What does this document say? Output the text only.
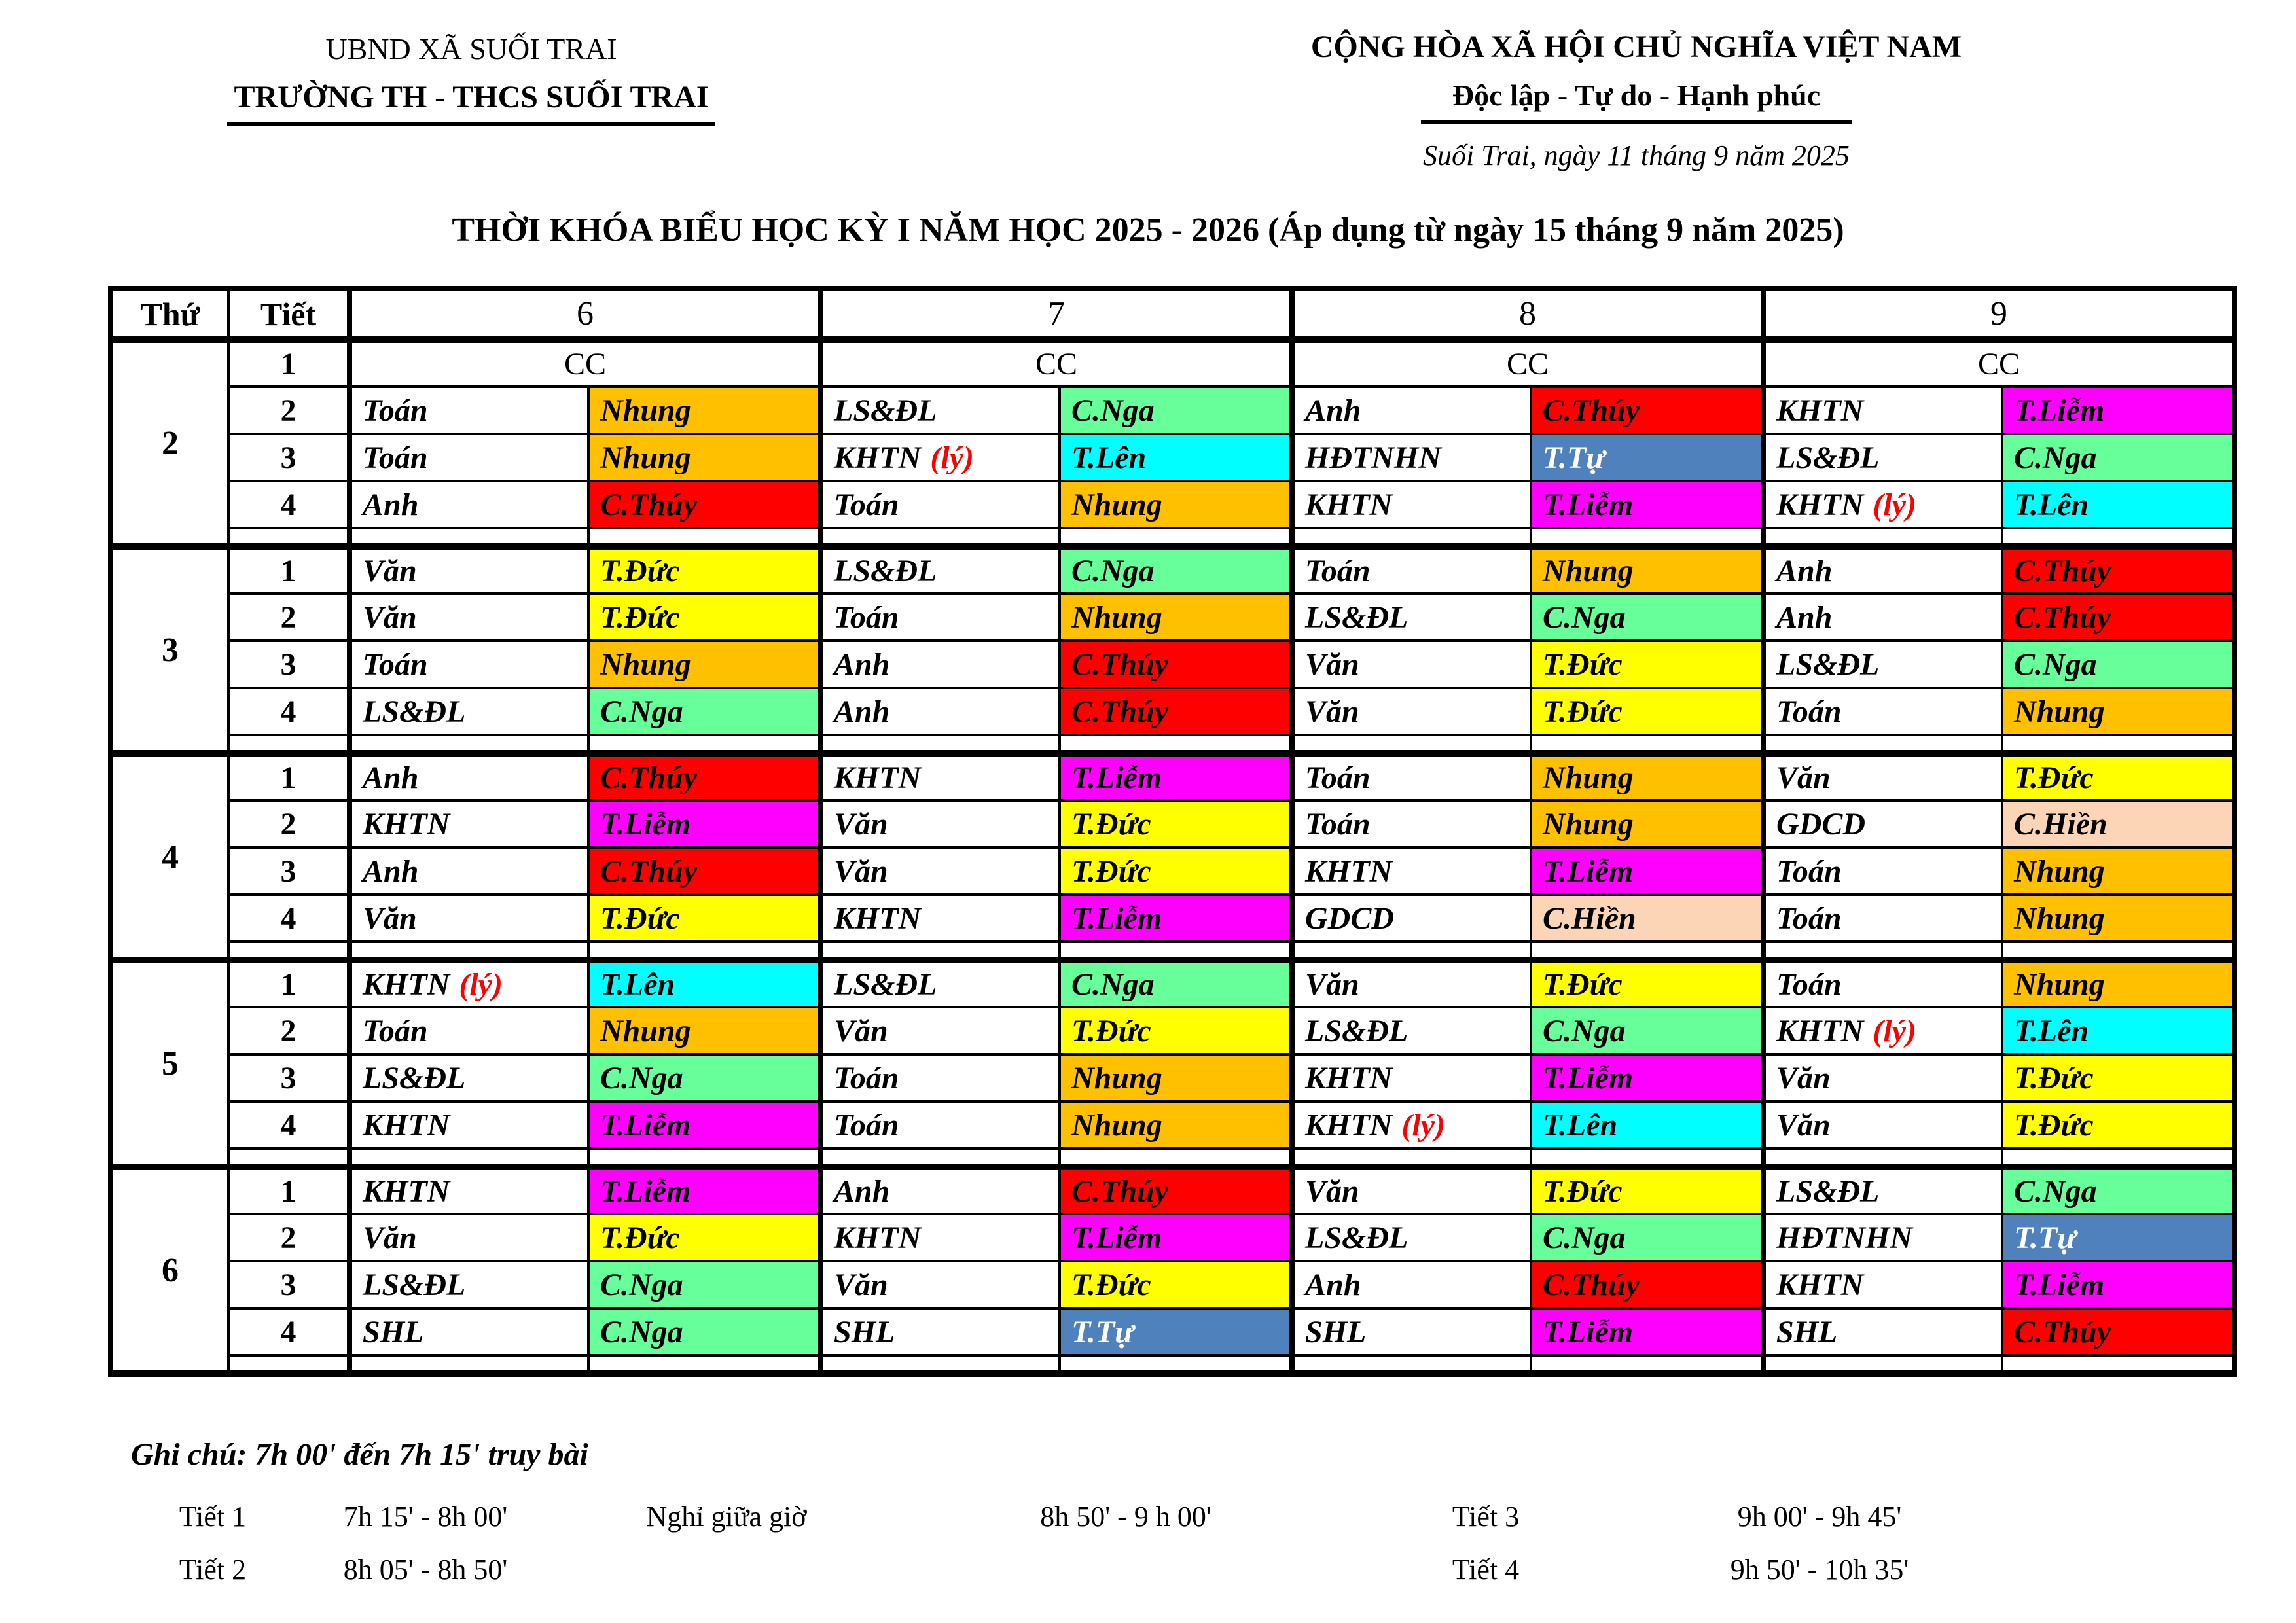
UBND XÃ SUỐI TRAI
TRƯỜNG TH - THCS SUỐI TRAI
CỘNG HÒA XÃ HỘI CHỦ NGHĨA VIỆT NAM
Độc lập - Tự do - Hạnh phúc
Suối Trai, ngày 11 tháng 9 năm 2025
THỜI KHÓA BIỂU HỌC KỲ I NĂM HỌC 2025 - 2026 (Áp dụng từ ngày 15 tháng 9 năm 2025)
Thứ	Tiết	6		7		8		9	
2	1	CC		CC		CC		CC	
	2	Toán	Nhung	LS&ĐL	C.Nga	Anh	C.Thúy	KHTN	T.Liễm
	3	Toán	Nhung	KHTN (lý)	T.Lên	HĐTNHN	T.Tự	LS&ĐL	C.Nga
	4	Anh	C.Thúy	Toán	Nhung	KHTN	T.Liễm	KHTN (lý)	T.Lên

3	1	Văn	T.Đức	LS&ĐL	C.Nga	Toán	Nhung	Anh	C.Thúy
	2	Văn	T.Đức	Toán	Nhung	LS&ĐL	C.Nga	Anh	C.Thúy
	3	Toán	Nhung	Anh	C.Thúy	Văn	T.Đức	LS&ĐL	C.Nga
	4	LS&ĐL	C.Nga	Anh	C.Thúy	Văn	T.Đức	Toán	Nhung

4	1	Anh	C.Thúy	KHTN	T.Liễm	Toán	Nhung	Văn	T.Đức
	2	KHTN	T.Liễm	Văn	T.Đức	Toán	Nhung	GDCD	C.Hiền
	3	Anh	C.Thúy	Văn	T.Đức	KHTN	T.Liễm	Toán	Nhung
	4	Văn	T.Đức	KHTN	T.Liễm	GDCD	C.Hiền	Toán	Nhung

5	1	KHTN (lý)	T.Lên	LS&ĐL	C.Nga	Văn	T.Đức	Toán	Nhung
	2	Toán	Nhung	Văn	T.Đức	LS&ĐL	C.Nga	KHTN (lý)	T.Lên
	3	LS&ĐL	C.Nga	Toán	Nhung	KHTN	T.Liễm	Văn	T.Đức
	4	KHTN	T.Liễm	Toán	Nhung	KHTN (lý)	T.Lên	Văn	T.Đức

6	1	KHTN	T.Liễm	Anh	C.Thúy	Văn	T.Đức	LS&ĐL	C.Nga
	2	Văn	T.Đức	KHTN	T.Liễm	LS&ĐL	C.Nga	HĐTNHN	T.Tự
	3	LS&ĐL	C.Nga	Văn	T.Đức	Anh	C.Thúy	KHTN	T.Liễm
	4	SHL	C.Nga	SHL	T.Tự	SHL	T.Liễm	SHL	C.Thúy

Ghi chú: 7h 00' đến 7h 15' truy bài
Tiết 1	7h 15' - 8h 00'	Nghỉ giữa giờ	8h 50' - 9 h 00'	Tiết 3	9h 00' - 9h 45'
Tiết 2	8h 05' - 8h 50'	Tiết 4	9h 50' - 10h 35'
